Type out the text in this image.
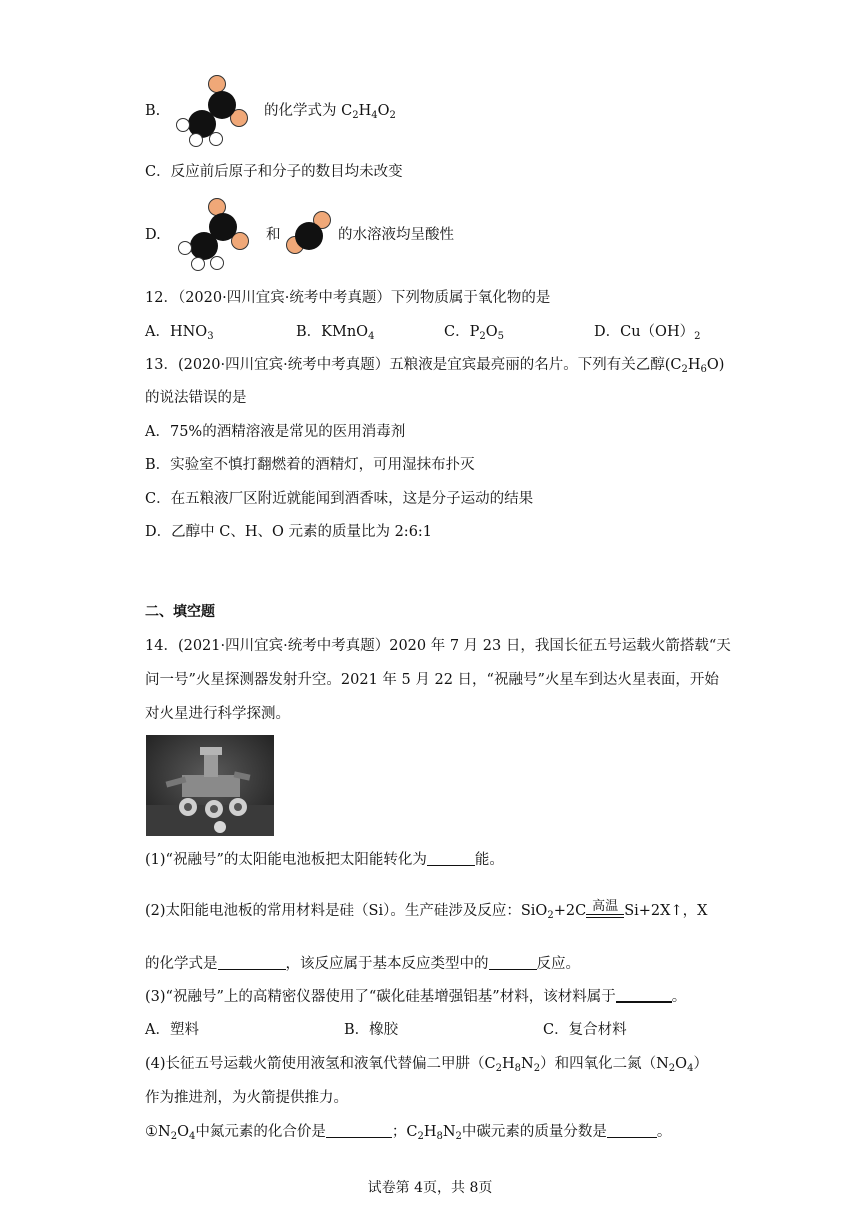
B.	的化学式为 $C_2H_4O_2$
C．反应前后原子和分子的数目均未改变
D.	和	的水溶液均呈酸性
12．（2020·四川宜宾·统考中考真题）下列物质属于氧化物的是
A．$HNO_3$	B．KMnO$_4$	C．$P_2O_5$	D．$Cu(OH)_2$
13．(2020·四川宜宾·统考中考真题）五粮液是宜宾最亮丽的名片。下列有关乙醇$(C_2H_6O)$
的说法错误的是
A．75%的酒精溶液是常见的医用消毒剂
B．实验室不慎打翻燃着的酒精灯，可用湿抹布扑灭
C．在五粮液厂区附近就能闻到酒香味，这是分子运动的结果
D．乙醇中 C、H、O 元素的质量比为 2:6:1
二、填空题
14．(2021·四川宜宾·统考中考真题）2020 年 7 月 23 日，我国长征五号运载火箭搭载“天
问一号”火星探测器发射升空。2021 年 5 月 22 日，“祝融号”火星车到达火星表面，开始
对火星进行科学探测。
(1)“祝融号”的太阳能电池板把太阳能转化为	能。
(2)太阳能电池板的常用材料是硅（Si）。生产硅涉及反应：SiO$_2$+2C 高温 Si+2X↑，X
的化学式是	，该反应属于基本反应类型中的	反应。
(3)“祝融号”上的高精密仪器使用了“碳化硅基增强铝基”材料，该材料属于	。
A．塑料	B．橡胶	C．复合材料
(4)长征五号运载火箭使用液氢和液氧代替偏二甲肼$(C_2H_8N_2)$和四氧化二氮$(N_2O_4)$
作为推进剂，为火箭提供推力。
$①N_2O_4$中氮元素的化合价是	；$C_2H_8N_2$中碳元素的质量分数是	。
试卷第 4页，共 8页
